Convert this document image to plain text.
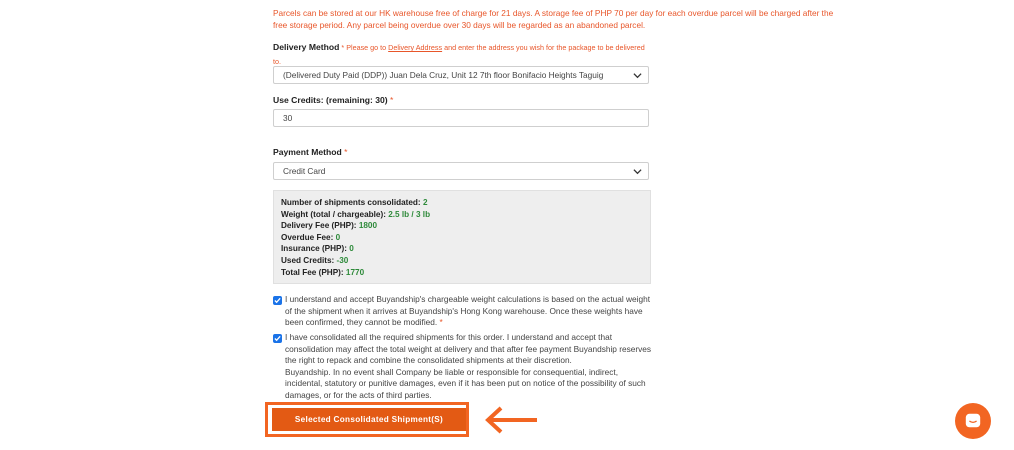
Parcels can be stored at our HK warehouse free of charge for 21 days. A storage fee of PHP 70 per day for each overdue parcel will be charged after the
free storage period. Any parcel being overdue over 30 days will be regarded as an abandoned parcel.
Delivery Method * Please go to Delivery Address and enter the address you wish for the package to be delivered to.
(Delivered Duty Paid (DDP)) Juan Dela Cruz, Unit 12 7th floor Bonifacio Heights Taguig
Use Credits: (remaining: 30) *
30
Payment Method *
Credit Card
Number of shipments consolidated: 2
Weight (total / chargeable): 2.5 lb / 3 lb
Delivery Fee (PHP): 1800
Overdue Fee: 0
Insurance (PHP): 0
Used Credits: -30
Total Fee (PHP): 1770
I understand and accept Buyandship's chargeable weight calculations is based on the actual weight of the shipment when it arrives at Buyandship's Hong Kong warehouse. Once these weights have been confirmed, they cannot be modified. *
I have consolidated all the required shipments for this order. I understand and accept that consolidation may affect the total weight at delivery and that after fee payment Buyandship reserves the right to repack and combine the consolidated shipments at their discretion.
Buyandship. In no event shall Company be liable or responsible for consequential, indirect, incidental, statutory or punitive damages, even if it has been put on notice of the possibility of such damages, or for the acts of third parties.
Selected Consolidated Shipment(S)
